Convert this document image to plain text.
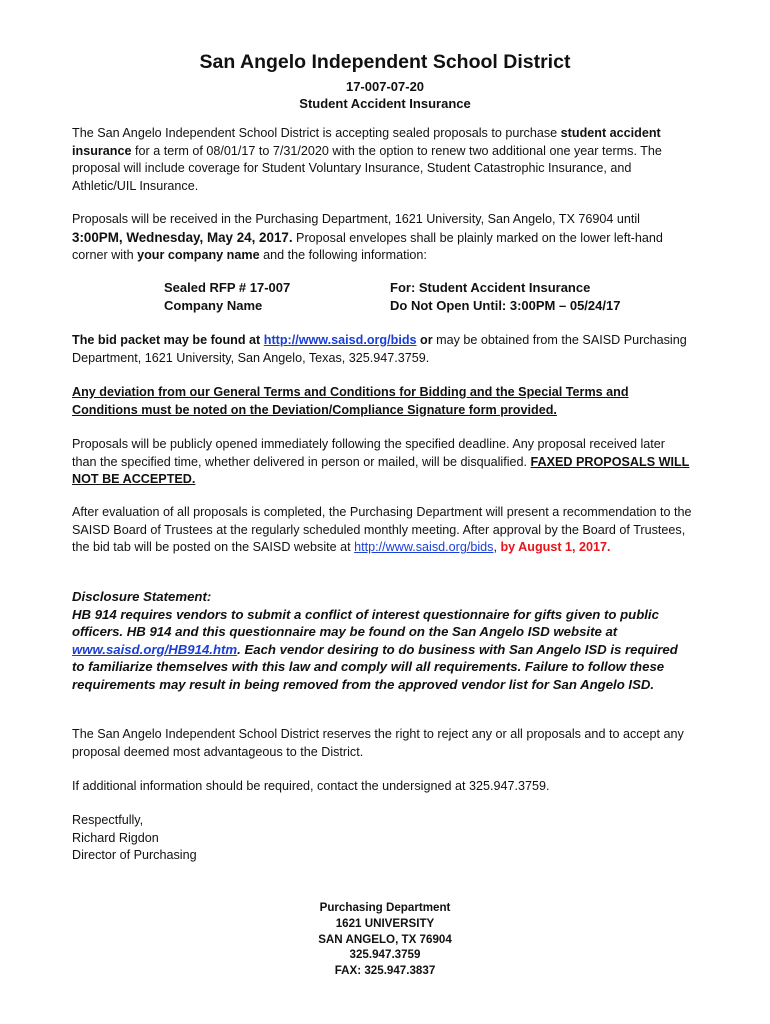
San Angelo Independent School District
17-007-07-20
Student Accident Insurance
The San Angelo Independent School District is accepting sealed proposals to purchase student accident insurance for a term of 08/01/17 to 7/31/2020 with the option to renew two additional one year terms. The proposal will include coverage for Student Voluntary Insurance, Student Catastrophic Insurance, and Athletic/UIL Insurance.
Proposals will be received in the Purchasing Department, 1621 University, San Angelo, TX 76904 until 3:00PM, Wednesday, May 24, 2017. Proposal envelopes shall be plainly marked on the lower left-hand corner with your company name and the following information:
Sealed RFP # 17-007	For: Student Accident Insurance
Company Name	Do Not Open Until: 3:00PM – 05/24/17
The bid packet may be found at http://www.saisd.org/bids or may be obtained from the SAISD Purchasing Department, 1621 University, San Angelo, Texas, 325.947.3759.
Any deviation from our General Terms and Conditions for Bidding and the Special Terms and Conditions must be noted on the Deviation/Compliance Signature form provided.
Proposals will be publicly opened immediately following the specified deadline. Any proposal received later than the specified time, whether delivered in person or mailed, will be disqualified. FAXED PROPOSALS WILL NOT BE ACCEPTED.
After evaluation of all proposals is completed, the Purchasing Department will present a recommendation to the SAISD Board of Trustees at the regularly scheduled monthly meeting. After approval by the Board of Trustees, the bid tab will be posted on the SAISD website at http://www.saisd.org/bids, by August 1, 2017.
Disclosure Statement:
HB 914 requires vendors to submit a conflict of interest questionnaire for gifts given to public officers. HB 914 and this questionnaire may be found on the San Angelo ISD website at www.saisd.org/HB914.htm. Each vendor desiring to do business with San Angelo ISD is required to familiarize themselves with this law and comply will all requirements. Failure to follow these requirements may result in being removed from the approved vendor list for San Angelo ISD.
The San Angelo Independent School District reserves the right to reject any or all proposals and to accept any proposal deemed most advantageous to the District.
If additional information should be required, contact the undersigned at 325.947.3759.
Respectfully,
Richard Rigdon
Director of Purchasing
Purchasing Department
1621 UNIVERSITY
SAN ANGELO, TX 76904
325.947.3759
FAX: 325.947.3837
